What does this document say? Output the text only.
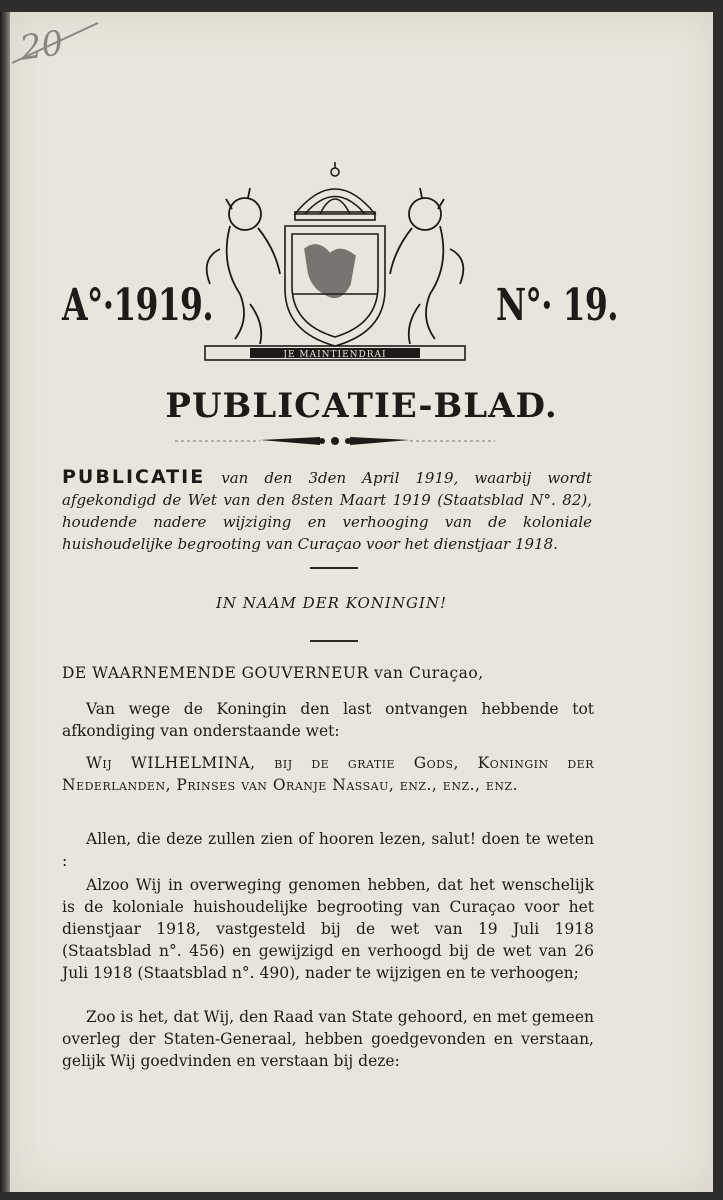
20
A°·1919.	N°· 19.
JE MAINTIENDRAI
PUBLICATIE-BLAD.
PUBLICATIE van den 3den April 1919, waarbij wordt afgekondigd de Wet van den 8sten Maart 1919 (Staatsblad N°. 82), houdende nadere wijziging en verhooging van de koloniale huishoudelijke begrooting van Curaçao voor het dienstjaar 1918.
IN NAAM DER KONINGIN!
DE WAARNEMENDE GOUVERNEUR van Curaçao,
Van wege de Koningin den last ontvangen hebbende tot afkondiging van onderstaande wet:
Wij WILHELMINA, bij de gratie Gods, Koningin der Nederlanden, Prinses van Oranje Nassau, enz., enz., enz.
Allen, die deze zullen zien of hooren lezen, salut! doen te weten :
Alzoo Wij in overweging genomen hebben, dat het wenschelijk is de koloniale huishoudelijke begrooting van Curaçao voor het dienstjaar 1918, vastgesteld bij de wet van 19 Juli 1918 (Staatsblad n°. 456) en gewijzigd en verhoogd bij de wet van 26 Juli 1918 (Staatsblad n°. 490), nader te wijzigen en te verhoogen;
Zoo is het, dat Wij, den Raad van State gehoord, en met gemeen overleg der Staten-Generaal, hebben goedgevonden en verstaan, gelijk Wij goedvinden en verstaan bij deze:
